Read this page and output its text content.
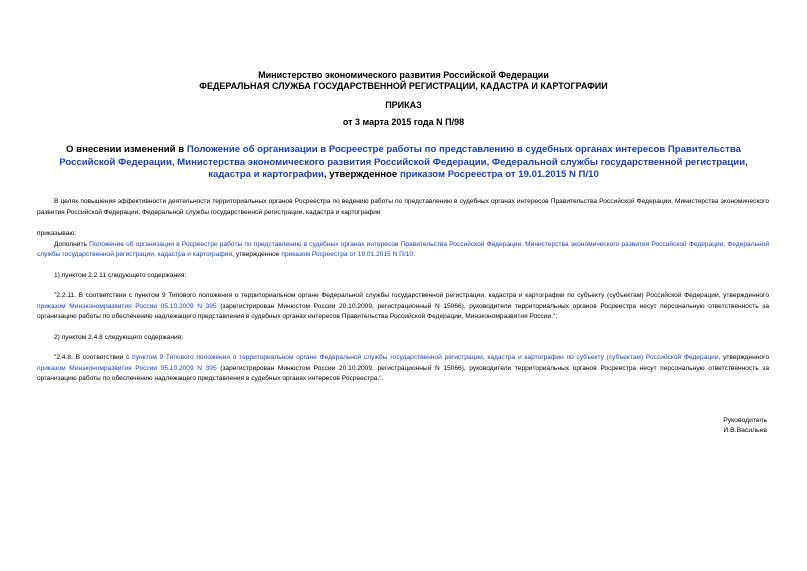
Министерство экономического развития Российской Федерации
ФЕДЕРАЛЬНАЯ СЛУЖБА ГОСУДАРСТВЕННОЙ РЕГИСТРАЦИИ, КАДАСТРА И КАРТОГРАФИИ
ПРИКАЗ
от 3 марта 2015 года N П/98
О внесении изменений в Положение об организации в Росреестре работы по представлению в судебных органах интересов Правительства Российской Федерации, Министерства экономического развития Российской Федерации, Федеральной службы государственной регистрации, кадастра и картографии, утвержденное приказом Росреестра от 19.01.2015 N П/10

В целях повышения эффективности деятельности территориальных органов Росреестра по ведению работы по представлению в судебных органах интересов Правительства Российской Федерации, Министерства экономического развития Российской Федерации, Федеральной службы государственной регистрации, кадастра и картографии

приказываю:

Дополнить Положение об организации в Росреестре работы по представлению в судебных органах интересов Правительства Российской Федерации, Министерства экономического развития Российской Федерации, Федеральной службы государственной регистрации, кадастра и картографии, утвержденное приказом Росреестра от 19.01.2015 N П/10:

1) пунктом 2.2.11 следующего содержания:

"2.2.11. В соответствии с пунктом 9 Типового положения о территориальном органе Федеральной службы государственной регистрации, кадастра и картографии по субъекту (субъектам) Российской Федерации, утвержденного приказом Минэкономразвития России 05.10.2009 N 395 (зарегистрирован Минюстом России 20.10.2009, регистрационный N 15066), руководители территориальных органов Росреестра несут персональную ответственность за организацию работы по обеспечению надлежащего представления в судебных органах интересов Правительства Российской Федерации, Минэкономразвития России.";

2) пунктом 2.4.8 следующего содержания:

"2.4.8. В соответствии с пунктом 9 Типового положения о территориальном органе Федеральной службы государственной регистрации, кадастра и картографии по субъекту (субъектам) Российской Федерации, утвержденного приказом Минэкономразвития России 05.10.2009 N 395 (зарегистрирован Минюстом России 20.10.2009, регистрационный N 15066), руководители территориальных органов Росреестра несут персональную ответственность за организацию работы по обеспечению надлежащего представления в судебных органах интересов Росреестра.".

Руководитель
И.В.Васильев
